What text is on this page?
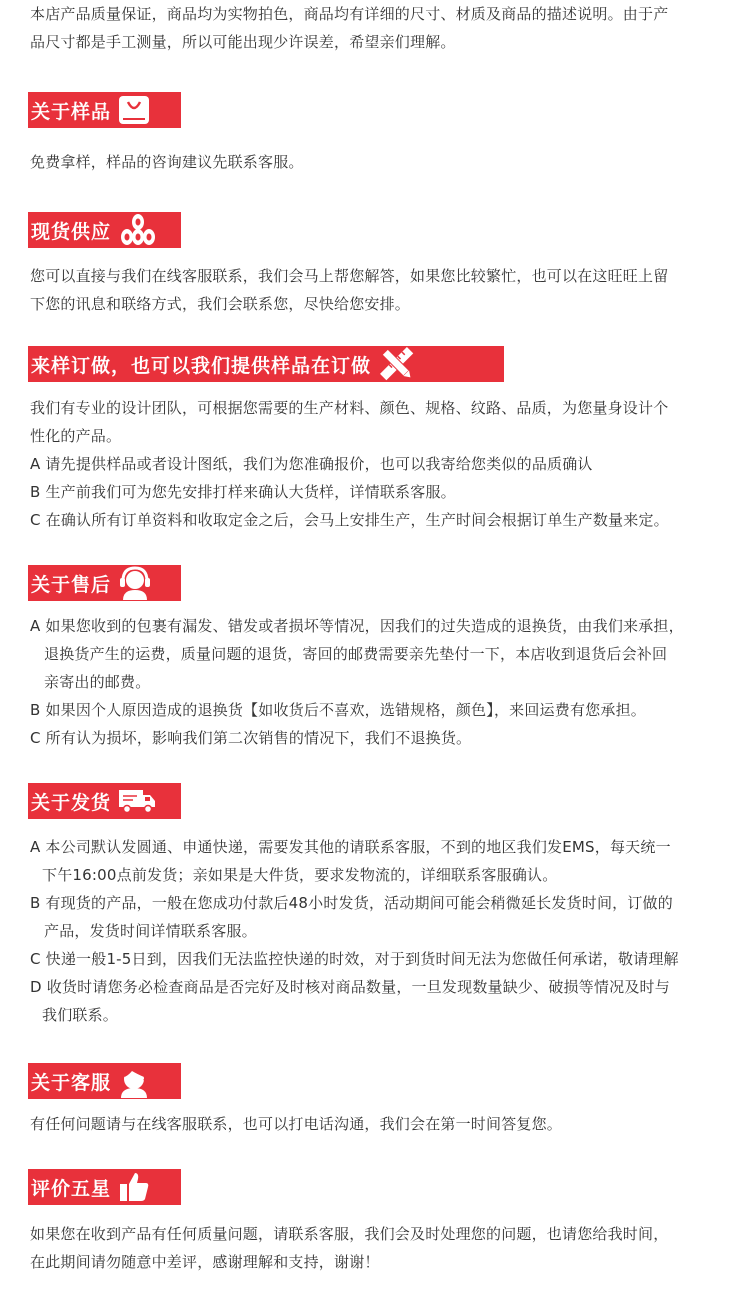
本店产品质量保证，商品均为实物拍色，商品均有详细的尺寸、材质及商品的描述说明。由于产
品尺寸都是手工测量，所以可能出现少许误差，希望亲们理解。

关于样品

免费拿样，样品的咨询建议先联系客服。

现货供应

您可以直接与我们在线客服联系，我们会马上帮您解答，如果您比较繁忙，也可以在这旺旺上留
下您的讯息和联络方式，我们会联系您，尽快给您安排。

来样订做，也可以我们提供样品在订做

我们有专业的设计团队，可根据您需要的生产材料、颜色、规格、纹路、品质，为您量身设计个
性化的产品。
A 请先提供样品或者设计图纸，我们为您准确报价，也可以我寄给您类似的品质确认
B 生产前我们可为您先安排打样来确认大货样，详情联系客服。
C 在确认所有订单资料和收取定金之后，会马上安排生产，生产时间会根据订单生产数量来定。

关于售后

A 如果您收到的包裹有漏发、错发或者损坏等情况，因我们的过失造成的退换货，由我们来承担，
退换货产生的运费，质量问题的退货，寄回的邮费需要亲先垫付一下，本店收到退货后会补回
亲寄出的邮费。
B 如果因个人原因造成的退换货【如收货后不喜欢，选错规格，颜色】，来回运费有您承担。
C 所有认为损坏，影响我们第二次销售的情况下，我们不退换货。

关于发货

A 本公司默认发圆通、申通快递，需要发其他的请联系客服，不到的地区我们发EMS，每天统一
下午16:00点前发货；亲如果是大件货，要求发物流的，详细联系客服确认。
B 有现货的产品，一般在您成功付款后48小时发货，活动期间可能会稍微延长发货时间，订做的
产品，发货时间详情联系客服。
C 快递一般1-5日到，因我们无法监控快递的时效，对于到货时间无法为您做任何承诺，敬请理解
D 收货时请您务必检查商品是否完好及时核对商品数量，一旦发现数量缺少、破损等情况及时与
我们联系。

关于客服

有任何问题请与在线客服联系，也可以打电话沟通，我们会在第一时间答复您。

评价五星

如果您在收到产品有任何质量问题，请联系客服，我们会及时处理您的问题，也请您给我时间，
在此期间请勿随意中差评，感谢理解和支持，谢谢！
